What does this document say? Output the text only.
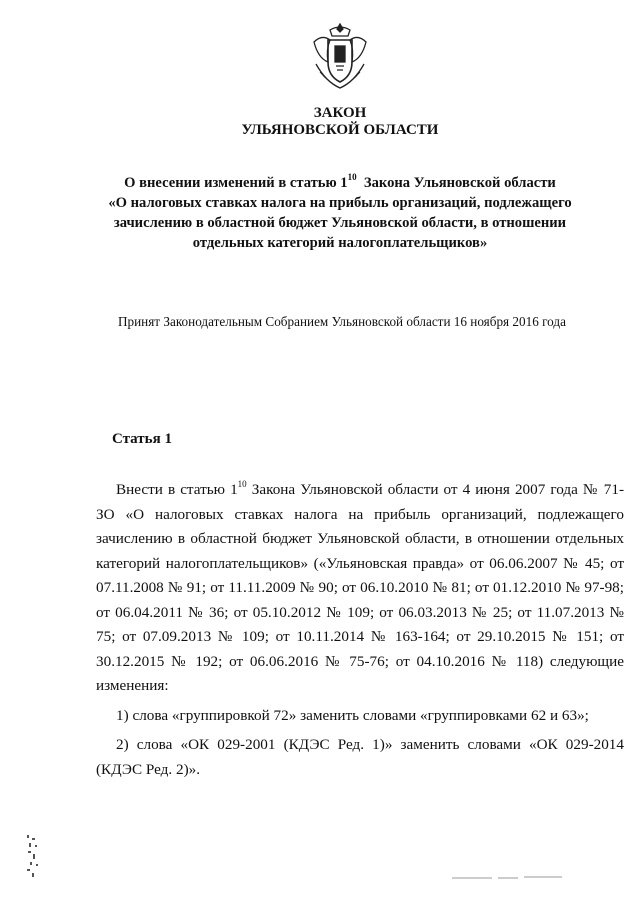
ЗАКОН
УЛЬЯНОВСКОЙ ОБЛАСТИ

О внесении изменений в статью $1^{10}$  Закона Ульяновской области

«О налоговых ставках налога на прибыль организаций, подлежащего

зачислению в областной бюджет Ульяновской области, в отношении

отдельных категорий налогоплательщиков»

Принят Законодательным Собранием Ульяновской области 16 ноября 2016 года
Статья 1

Внести в статью $1^{10}$ Закона Ульяновской области от 4 июня 2007 года № 71-ЗО «О налоговых ставках налога на прибыль организаций, подлежащего зачислению в областной бюджет Ульяновской области, в отношении отдельных категорий налогоплательщиков» («Ульяновская правда» от 06.06.2007 № 45; от 07.11.2008 № 91; от 11.11.2009 № 90; от 06.10.2010 № 81; от 01.12.2010 № 97-98; от 06.04.2011 № 36; от 05.10.2012 № 109; от 06.03.2013 № 25; от 11.07.2013 № 75; от 07.09.2013 № 109; от 10.11.2014 № 163-164; от 29.10.2015 № 151; от 30.12.2015 № 192; от 06.06.2016 № 75-76; от 04.10.2016 № 118) следующие изменения:

1) слова «группировкой 72» заменить словами «группировками 62 и 63»;

2) слова «ОК 029-2001 (КДЭС Ред. 1)» заменить словами «ОК 029-2014 (КДЭС Ред. 2)».
